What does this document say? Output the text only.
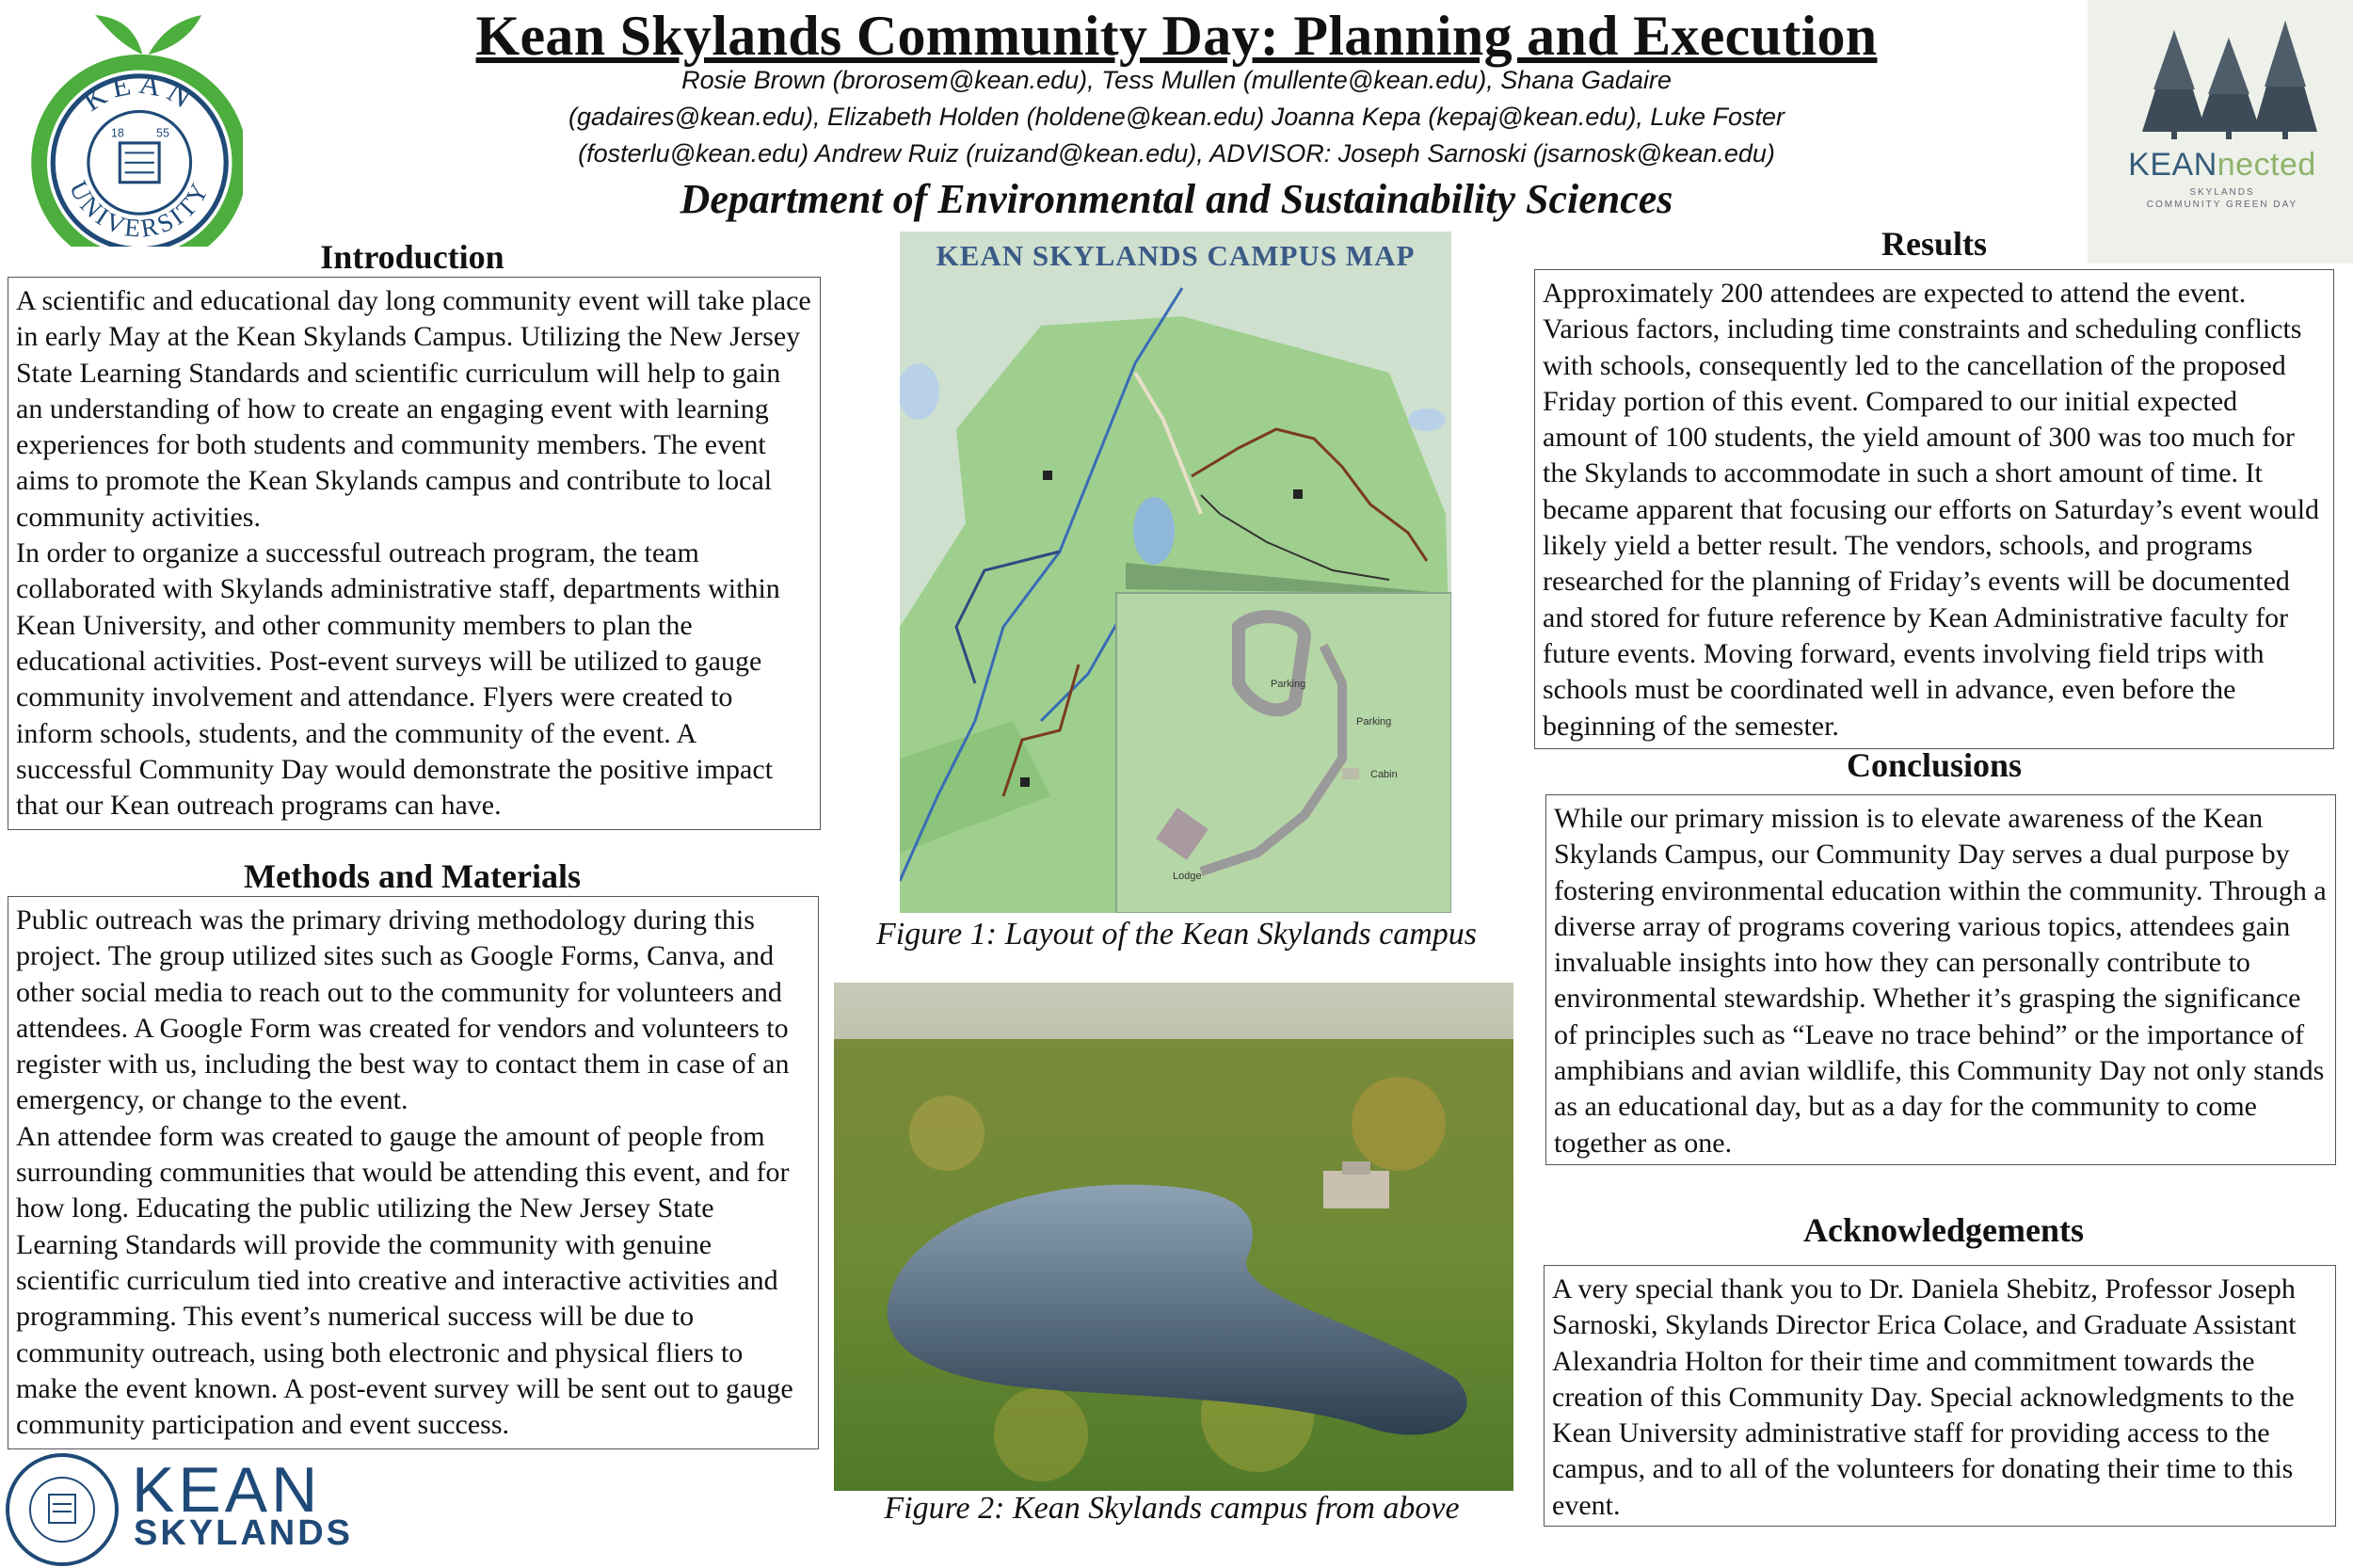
Kean Skylands Community Day: Planning and Execution
Rosie Brown (brorosem@kean.edu), Tess Mullen (mullente@kean.edu), Shana Gadaire
(gadaires@kean.edu), Elizabeth Holden (holdene@kean.edu) Joanna Kepa (kepaj@kean.edu), Luke Foster
(fosterlu@kean.edu) Andrew Ruiz (ruizand@kean.edu), ADVISOR: Joseph Sarnoski (jsarnosk@kean.edu)
Department of Environmental and Sustainability Sciences
KEAN
UNIVERSITY
18	55
KEANnected
SKYLANDS
COMMUNITY GREEN DAY
Introduction
A scientific and educational day long community event will take place in early May at the Kean Skylands Campus. Utilizing the New Jersey State Learning Standards and scientific curriculum will help to gain an understanding of how to create an engaging event with learning experiences for both students and community members. The event aims to promote the Kean Skylands campus and contribute to local community activities.
In order to organize a successful outreach program, the team collaborated with Skylands administrative staff, departments within Kean University, and other community members to plan the educational activities. Post-event surveys will be utilized to gauge community involvement and attendance. Flyers were created to inform schools, students, and the community of the event. A successful Community Day would demonstrate the positive impact that our Kean outreach programs can have.
Methods and Materials
Public outreach was the primary driving methodology during this project. The group utilized sites such as Google Forms, Canva, and other social media to reach out to the community for volunteers and attendees. A Google Form was created for vendors and volunteers to register with us, including the best way to contact them in case of an emergency, or change to the event.
An attendee form was created to gauge the amount of people from surrounding communities that would be attending this event, and for how long. Educating the public utilizing the New Jersey State Learning Standards will provide the community with genuine scientific curriculum tied into creative and interactive activities and programming. This event’s numerical success will be due to community outreach, using both electronic and physical fliers to make the event known. A post-event survey will be sent out to gauge community participation and event success.
KEAN
SKYLANDS
KEAN SKYLANDS CAMPUS MAP
Parking
Parking
Cabin
Lodge
Figure 1: Layout of the Kean Skylands campus
Figure 2: Kean Skylands campus from above
Results
Approximately 200 attendees are expected to attend the event. Various factors, including time constraints and scheduling conflicts with schools, consequently led to the cancellation of the proposed Friday portion of this event. Compared to our initial expected amount of 100 students, the yield amount of 300 was too much for the Skylands to accommodate in such a short amount of time. It became apparent that focusing our efforts on Saturday’s event would likely yield a better result. The vendors, schools, and programs researched for the planning of Friday’s events will be documented and stored for future reference by Kean Administrative faculty for future events. Moving forward, events involving field trips with schools must be coordinated well in advance, even before the beginning of the semester.
Conclusions
While our primary mission is to elevate awareness of the Kean Skylands Campus, our Community Day serves a dual purpose by fostering environmental education within the community. Through a diverse array of programs covering various topics, attendees gain invaluable insights into how they can personally contribute to environmental stewardship. Whether it’s grasping the significance of principles such as “Leave no trace behind” or the importance of amphibians and avian wildlife, this Community Day not only stands as an educational day, but as a day for the community to come together as one.
Acknowledgements
A very special thank you to Dr. Daniela Shebitz, Professor Joseph Sarnoski, Skylands Director Erica Colace, and Graduate Assistant Alexandria Holton for their time and commitment towards the creation of this Community Day. Special acknowledgments to the Kean University administrative staff for providing access to the campus, and to all of the volunteers for donating their time to this event.
